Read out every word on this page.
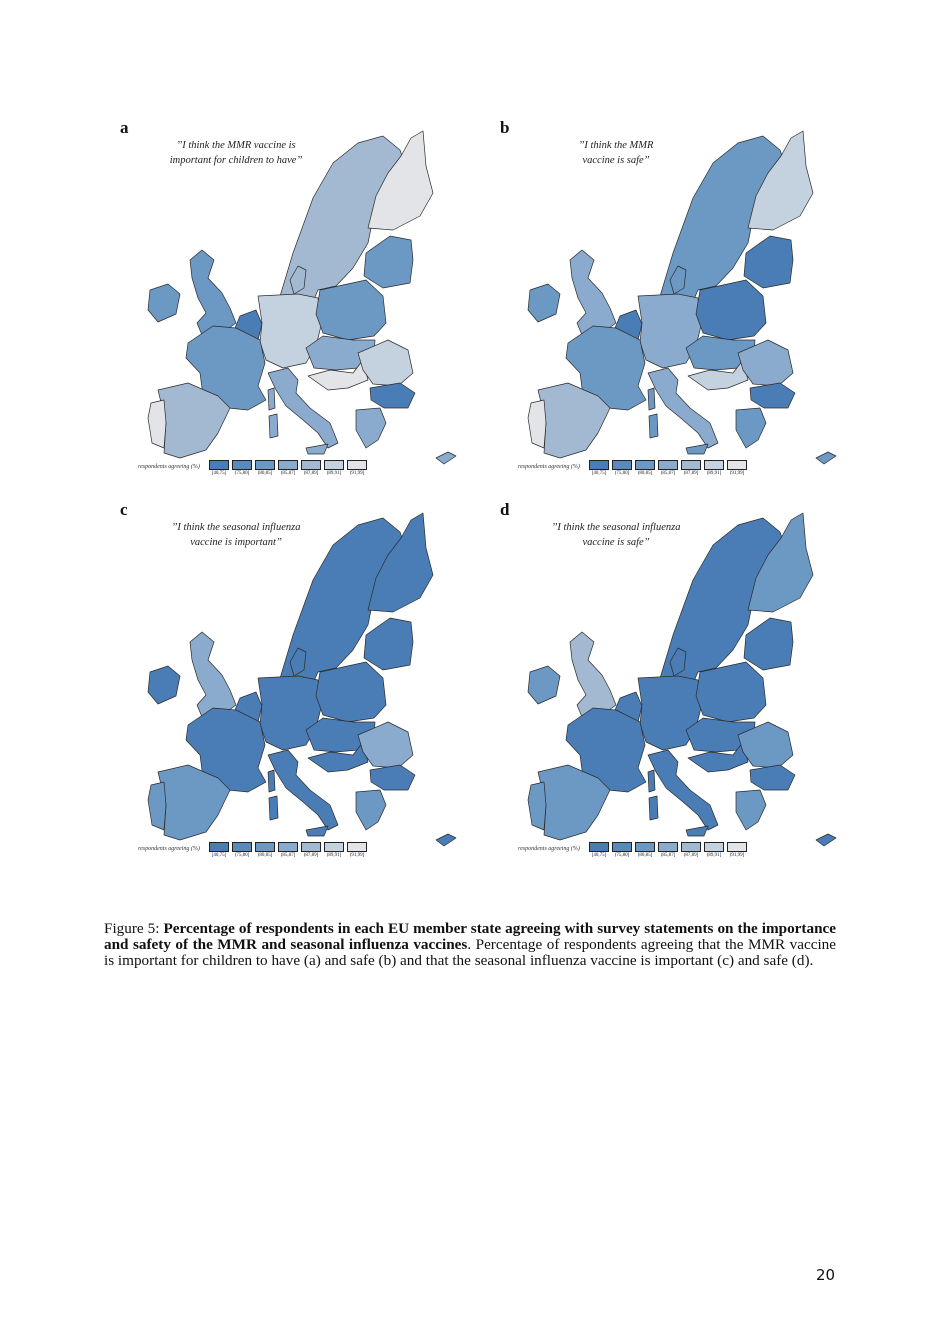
a
’’I think the MMR vaccine is
important for children to have’’
respondents agreeing (%)
[40,75] (75,80] (80,85] (85,87] (87,89] (89,91] (91,99]
b
’’I think the MMR
vaccine is safe’’
respondents agreeing (%)
[40,75] (75,80] (80,85] (85,87] (87,89] (89,91] (91,99]
c
’’I think the seasonal influenza
vaccine is important’’
respondents agreeing (%)
[40,75] (75,80] (80,85] (85,87] (87,89] (89,91] (91,99]
d
’’I think the seasonal influenza
vaccine is safe’’
respondents agreeing (%)
[40,75] (75,80] (80,85] (85,87] (87,89] (89,91] (91,99]

Figure 5: Percentage of respondents in each EU member state agreeing with survey statements on the importance and safety of the MMR and seasonal influenza vaccines. Percentage of respondents agreeing that the MMR vaccine is important for children to have (a) and safe (b) and that the seasonal influenza vaccine is important (c) and safe (d).

20
